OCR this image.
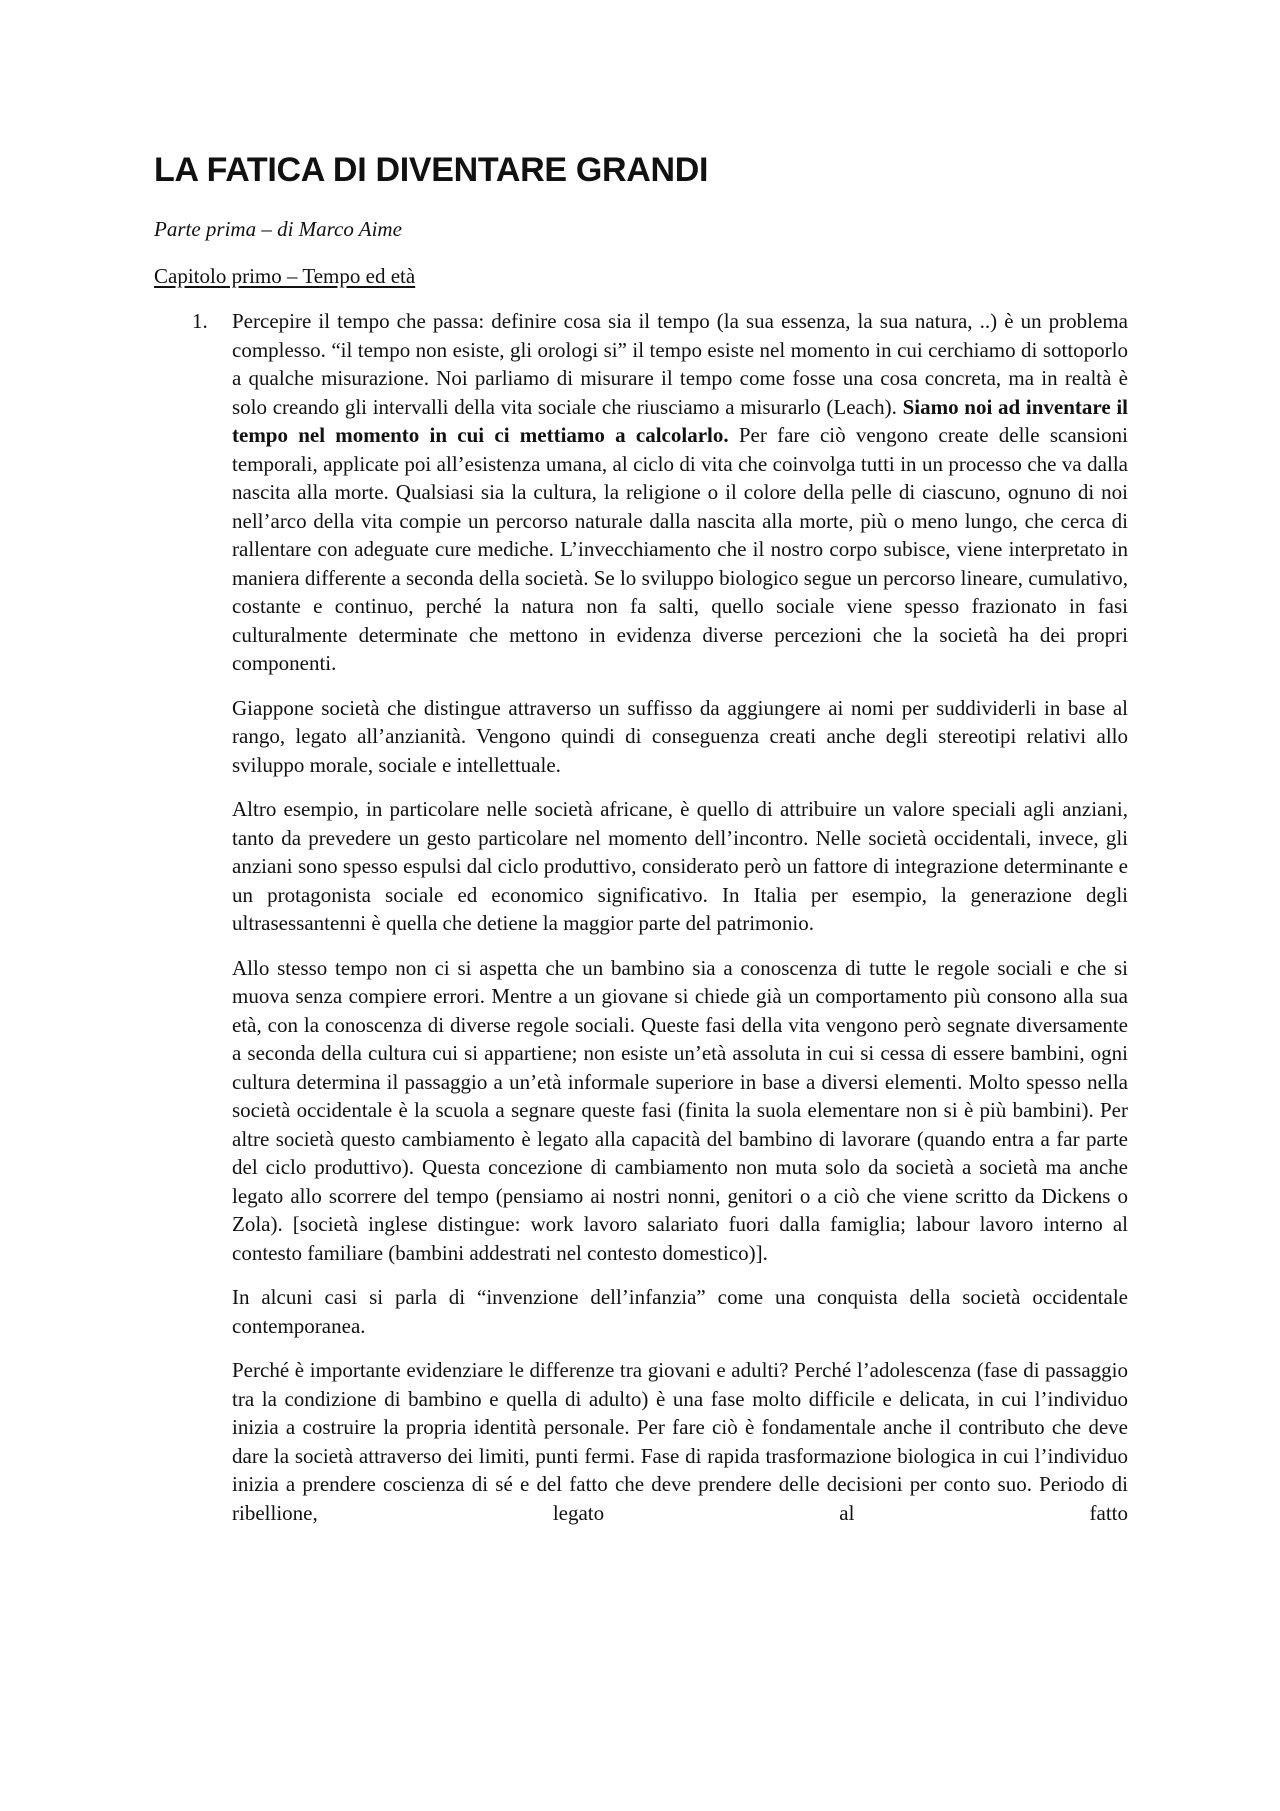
LA FATICA DI DIVENTARE GRANDI

Parte prima – di Marco Aime

Capitolo primo – Tempo ed età

1. Percepire il tempo che passa: definire cosa sia il tempo (la sua essenza, la sua natura, ..) è un problema complesso. “il tempo non esiste, gli orologi si” il tempo esiste nel momento in cui cerchiamo di sottoporlo a qualche misurazione. Noi parliamo di misurare il tempo come fosse una cosa concreta, ma in realtà è solo creando gli intervalli della vita sociale che riusciamo a misurarlo (Leach). Siamo noi ad inventare il tempo nel momento in cui ci mettiamo a calcolarlo. Per fare ciò vengono create delle scansioni temporali, applicate poi all’esistenza umana, al ciclo di vita che coinvolga tutti in un processo che va dalla nascita alla morte. Qualsiasi sia la cultura, la religione o il colore della pelle di ciascuno, ognuno di noi nell’arco della vita compie un percorso naturale dalla nascita alla morte, più o meno lungo, che cerca di rallentare con adeguate cure mediche. L’invecchiamento che il nostro corpo subisce, viene interpretato in maniera differente a seconda della società. Se lo sviluppo biologico segue un percorso lineare, cumulativo, costante e continuo, perché la natura non fa salti, quello sociale viene spesso frazionato in fasi culturalmente determinate che mettono in evidenza diverse percezioni che la società ha dei propri componenti.

Giappone società che distingue attraverso un suffisso da aggiungere ai nomi per suddividerli in base al rango, legato all’anzianità. Vengono quindi di conseguenza creati anche degli stereotipi relativi allo sviluppo morale, sociale e intellettuale.

Altro esempio, in particolare nelle società africane, è quello di attribuire un valore speciali agli anziani, tanto da prevedere un gesto particolare nel momento dell’incontro. Nelle società occidentali, invece, gli anziani sono spesso espulsi dal ciclo produttivo, considerato però un fattore di integrazione determinante e un protagonista sociale ed economico significativo. In Italia per esempio, la generazione degli ultrasessantenni è quella che detiene la maggior parte del patrimonio.

Allo stesso tempo non ci si aspetta che un bambino sia a conoscenza di tutte le regole sociali e che si muova senza compiere errori. Mentre a un giovane si chiede già un comportamento più consono alla sua età, con la conoscenza di diverse regole sociali. Queste fasi della vita vengono però segnate diversamente a seconda della cultura cui si appartiene; non esiste un’età assoluta in cui si cessa di essere bambini, ogni cultura determina il passaggio a un’età informale superiore in base a diversi elementi. Molto spesso nella società occidentale è la scuola a segnare queste fasi (finita la suola elementare non si è più bambini). Per altre società questo cambiamento è legato alla capacità del bambino di lavorare (quando entra a far parte del ciclo produttivo). Questa concezione di cambiamento non muta solo da società a società ma anche legato allo scorrere del tempo (pensiamo ai nostri nonni, genitori o a ciò che viene scritto da Dickens o Zola). [società inglese distingue: work lavoro salariato fuori dalla famiglia; labour lavoro interno al contesto familiare (bambini addestrati nel contesto domestico)].

In alcuni casi si parla di “invenzione dell’infanzia” come una conquista della società occidentale contemporanea.

Perché è importante evidenziare le differenze tra giovani e adulti? Perché l’adolescenza (fase di passaggio tra la condizione di bambino e quella di adulto) è una fase molto difficile e delicata, in cui l’individuo inizia a costruire la propria identità personale. Per fare ciò è fondamentale anche il contributo che deve dare la società attraverso dei limiti, punti fermi. Fase di rapida trasformazione biologica in cui l’individuo inizia a prendere coscienza di sé e del fatto che deve prendere delle decisioni per conto suo. Periodo di ribellione, legato al fatto
